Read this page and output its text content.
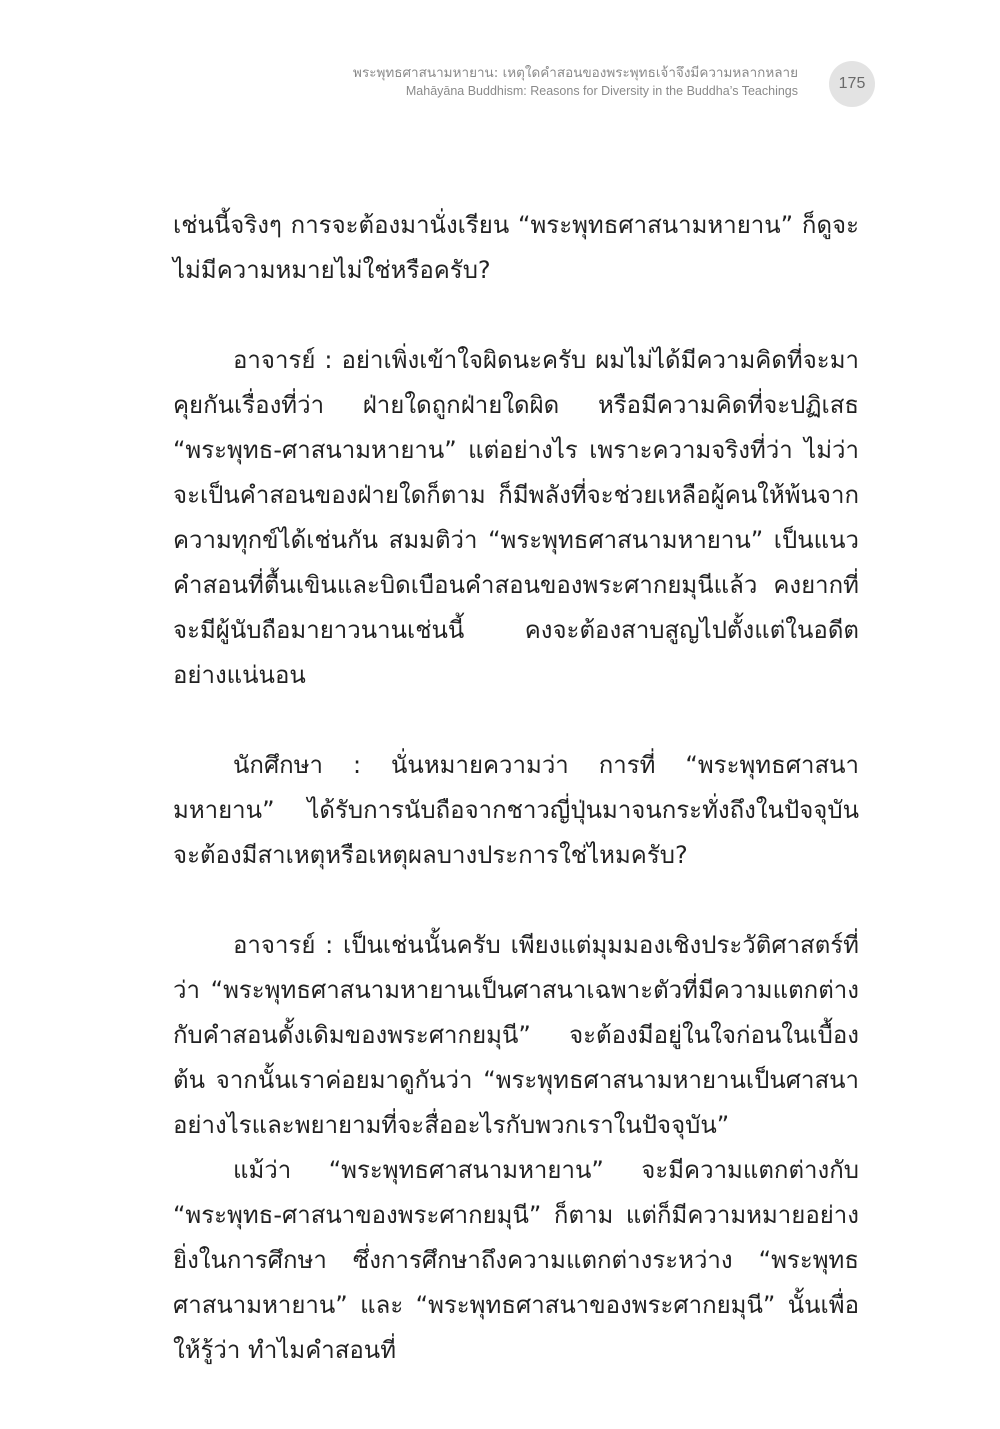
พระพุทธศาสนามหายาน: เหตุใดคำสอนของพระพุทธเจ้าจึงมีความหลากหลาย
Mahāyāna Buddhism: Reasons for Diversity in the Buddha’s Teachings	175

เช่นนี้จริงๆ การจะต้องมานั่งเรียน “พระพุทธศาสนามหายาน” ก็ดูจะไม่มีความหมายไม่ใช่หรือครับ?

อาจารย์ : อย่าเพิ่งเข้าใจผิดนะครับ ผมไม่ได้มีความคิดที่จะมาคุยกันเรื่องที่ว่า ฝ่ายใดถูกฝ่ายใดผิด หรือมีความคิดที่จะปฏิเสธ “พระพุทธ-ศาสนามหายาน” แต่อย่างไร เพราะความจริงที่ว่า ไม่ว่าจะเป็นคำสอนของฝ่ายใดก็ตาม ก็มีพลังที่จะช่วยเหลือผู้คนให้พ้นจากความทุกข์ได้เช่นกัน สมมติว่า “พระพุทธศาสนามหายาน” เป็นแนวคำสอนที่ตื้นเขินและบิดเบือนคำสอนของพระศากยมุนีแล้ว คงยากที่จะมีผู้นับถือมายาวนานเช่นนี้ คงจะต้องสาบสูญไปตั้งแต่ในอดีตอย่างแน่นอน

นักศึกษา : นั่นหมายความว่า การที่ “พระพุทธศาสนามหายาน” ได้รับการนับถือจากชาวญี่ปุ่นมาจนกระทั่งถึงในปัจจุบัน จะต้องมีสาเหตุหรือเหตุผลบางประการใช่ไหมครับ?

อาจารย์ : เป็นเช่นนั้นครับ เพียงแต่มุมมองเชิงประวัติศาสตร์ที่ว่า “พระพุทธศาสนามหายานเป็นศาสนาเฉพาะตัวที่มีความแตกต่างกับคำสอนดั้งเดิมของพระศากยมุนี” จะต้องมีอยู่ในใจก่อนในเบื้องต้น จากนั้นเราค่อยมาดูกันว่า “พระพุทธศาสนามหายานเป็นศาสนาอย่างไรและพยายามที่จะสื่ออะไรกับพวกเราในปัจจุบัน”

แม้ว่า “พระพุทธศาสนามหายาน” จะมีความแตกต่างกับ “พระพุทธ-ศาสนาของพระศากยมุนี” ก็ตาม แต่ก็มีความหมายอย่างยิ่งในการศึกษา ซึ่งการศึกษาถึงความแตกต่างระหว่าง “พระพุทธศาสนามหายาน” และ “พระพุทธศาสนาของพระศากยมุนี” นั้นเพื่อให้รู้ว่า ทำไมคำสอนที่
